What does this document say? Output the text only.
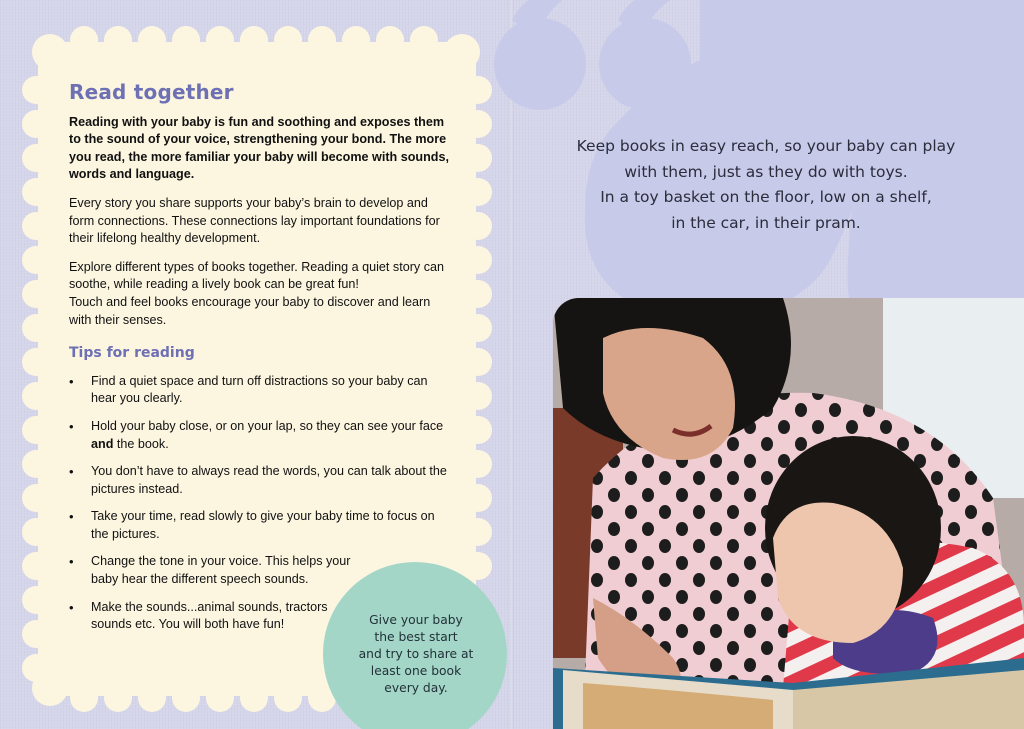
Read together

Reading with your baby is fun and soothing and exposes them to the sound of your voice, strengthening your bond. The more you read, the more familiar your baby will become with sounds, words and language.

Every story you share supports your baby’s brain to develop and form connections. These connections lay important foundations for their lifelong healthy development.

Explore different types of books together. Reading a quiet story can soothe, while reading a lively book can be great fun!
Touch and feel books encourage your baby to discover and learn with their senses.

Tips for reading
• Find a quiet space and turn off distractions so your baby can hear you clearly.
• Hold your baby close, or on your lap, so they can see your face and the book.
• You don’t have to always read the words, you can talk about the pictures instead.
• Take your time, read slowly to give your baby time to focus on the pictures.
• Change the tone in your voice. This helps your
baby hear the different speech sounds.
• Make the sounds...animal sounds, tractors
sounds etc. You will both have fun!
Keep books in easy reach, so your baby can play
with them, just as they do with toys.
In a toy basket on the floor, low on a shelf,
in the car, in their pram.
Give your baby
the best start
and try to share at
least one book
every day.
